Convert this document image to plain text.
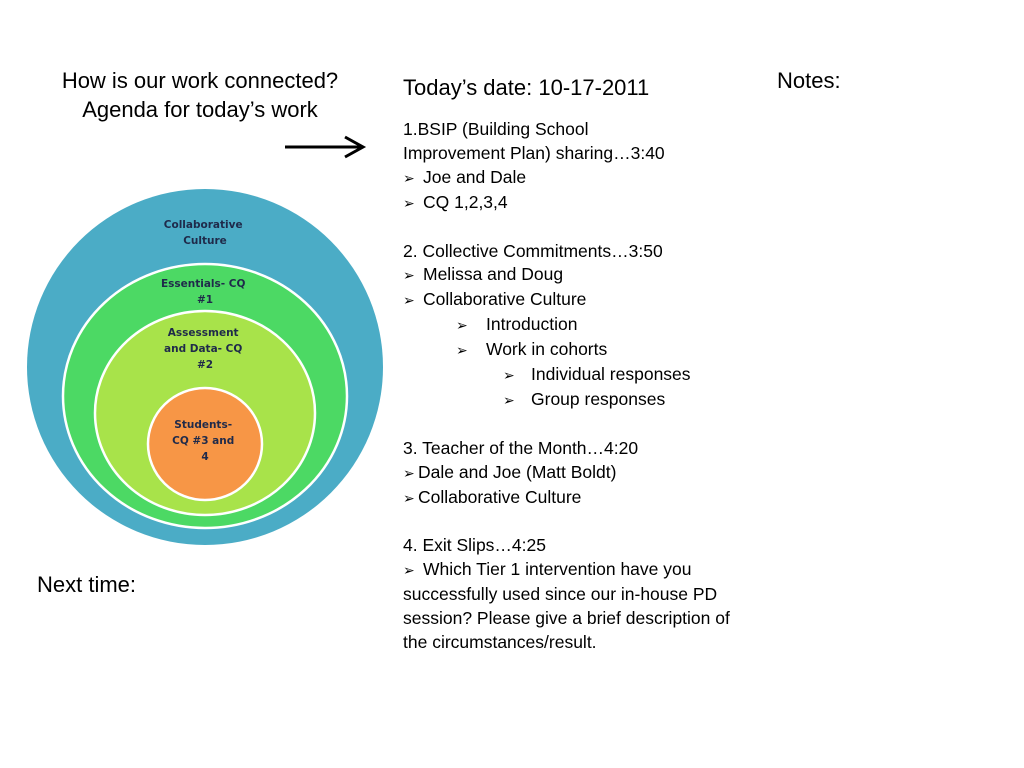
How is our work connected?
Agenda for today’s work
Collaborative Culture
Essentials- CQ #1
Assessment and Data- CQ #2
Students- CQ #3 and 4
Next time:
Notes:
Today’s date: 10-17-2011
1.BSIP (Building School
Improvement Plan) sharing…3:40
➢ Joe and Dale
➢ CQ 1,2,3,4
2. Collective Commitments…3:50
➢ Melissa and Doug
➢ Collaborative Culture
➢ Introduction
➢ Work in cohorts
➢ Individual responses
➢ Group responses
3. Teacher of the Month…4:20
➢ Dale and Joe (Matt Boldt)
➢ Collaborative Culture
4. Exit Slips…4:25
➢ Which Tier 1 intervention have you successfully used since our in-house PD session? Please give a brief description of the circumstances/result.
